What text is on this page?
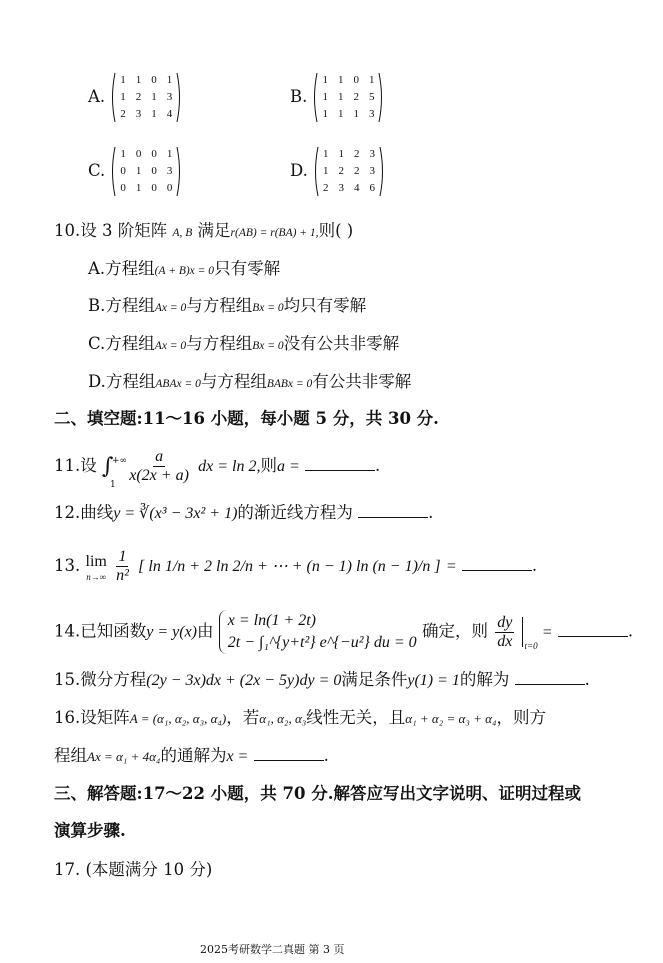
A.
1	1	0	1
1	2	1	3
2	3	1	4
B.
1	1	0	1
1	1	2	5
1	1	1	3
C.
1	0	0	1
0	1	0	3
0	1	0	0
D.
1	1	2	3
1	2	2	3
2	3	4	6
10.设 3 阶矩阵 A, B 满足r(AB) = r(BA) + 1,则( )
A.方程组(A + B)x = 0只有零解
B.方程组Ax = 0与方程组Bx = 0均只有零解
C.方程组Ax = 0与方程组Bx = 0没有公共非零解
D.方程组ABAx = 0与方程组BABx = 0有公共非零解
二、填空题:11～16 小题，每小题 5 分，共 30 分.
11.设 ∫
+∞
1
$\frac{a}{x(2x + a)}$ dx = ln 2,则a =	.
12.曲线y = ∛(x³ − 3x² + 1)的渐近线方程为	.
13. lim
n→∞
$\frac{1}{\text{n²}}$ [ ln 1/n + 2 ln 2/n + ⋯ + (n − 1) ln (n − 1)/n ] =	.
14.已知函数y = y(x)由
x = ln(1 + 2t)
2t − ∫₁^{y+t²} e^{−u²} du = 0
确定，则 $\frac{dy}{dx}$
t=0
=	.
15.微分方程(2y − 3x)dx + (2x − 5y)dy = 0满足条件y(1) = 1的解为	.
16.设矩阵A = (α₁, α₂, α₃, α₄)，若α₁, α₂, α₃线性无关，且α₁ + α₂ = α₃ + α₄，则方
程组Ax = α₁ + 4α₄的通解为x =	.
三、解答题:17～22 小题，共 70 分.解答应写出文字说明、证明过程或
演算步骤.
17. (本题满分 10 分)
2025考研数学二真题 第 3 页
